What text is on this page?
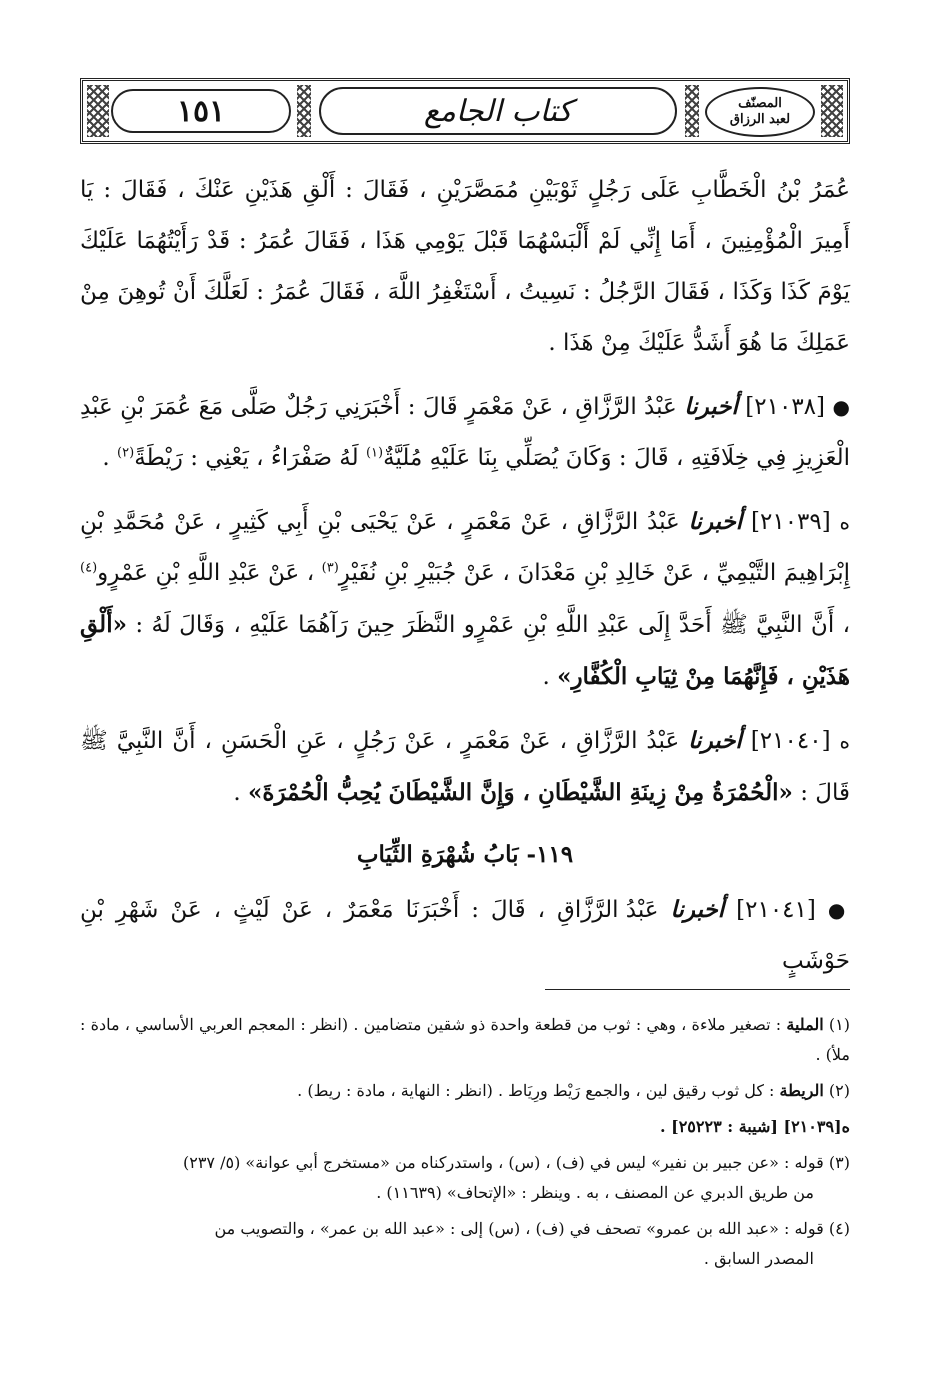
١٥١	كتاب الجامع	المصنّف
لعبد الرزاق

عُمَرُ بْنُ الْخَطَّابِ عَلَى رَجُلٍ ثَوْبَيْنِ مُمَصَّرَيْنِ ، فَقَالَ : أَلْقِ هَذَيْنِ عَنْكَ ، فَقَالَ : يَا أَمِيرَ الْمُؤْمِنِينَ ، أَمَا إِنِّي لَمْ أَلْبَسْهُمَا قَبْلَ يَوْمِي هَذَا ، فَقَالَ عُمَرُ : قَدْ رَأَيْتُهُمَا عَلَيْكَ يَوْمَ كَذَا وَكَذَا ، فَقَالَ الرَّجُلُ : نَسِيتُ ، أَسْتَغْفِرُ اللَّهَ ، فَقَالَ عُمَرُ : لَعَلَّكَ أَنْ تُوهِنَ مِنْ عَمَلِكَ مَا هُوَ أَشَدُّ عَلَيْكَ مِنْ هَذَا .

● [٢١٠٣٨] أخبرنا عَبْدُ الرَّزَّاقِ ، عَنْ مَعْمَرٍ قَالَ : أَخْبَرَنِي رَجُلٌ صَلَّى مَعَ عُمَرَ بْنِ عَبْدِ الْعَزِيزِ فِي خِلَافَتِهِ ، قَالَ : وَكَانَ يُصَلِّي بِنَا عَلَيْهِ مُلَيَّةٌ$^{(١)}$ لَهُ صَفْرَاءُ ، يَعْنِي : رَيْطَةً$^{(٢)}$ .

ه [٢١٠٣٩] أخبرنا عَبْدُ الرَّزَّاقِ ، عَنْ مَعْمَرٍ ، عَنْ يَحْيَى بْنِ أَبِي كَثِيرٍ ، عَنْ مُحَمَّدِ بْنِ إِبْرَاهِيمَ التَّيْمِيِّ ، عَنْ خَالِدِ بْنِ مَعْدَانَ ، عَنْ جُبَيْرِ بْنِ نُفَيْرٍ$^{(٣)}$ ، عَنْ عَبْدِ اللَّهِ بْنِ عَمْرٍو$^{(٤)}$ ، أَنَّ النَّبِيَّ ﷺ أَحَدَّ إِلَى عَبْدِ اللَّهِ بْنِ عَمْرٍو النَّظَرَ حِينَ رَآهُمَا عَلَيْهِ ، وَقَالَ لَهُ : «أَلْقِ هَذَيْنِ ، فَإِنَّهُمَا مِنْ ثِيَابِ الْكُفَّارِ» .

ه [٢١٠٤٠] أخبرنا عَبْدُ الرَّزَّاقِ ، عَنْ مَعْمَرٍ ، عَنْ رَجُلٍ ، عَنِ الْحَسَنِ ، أَنَّ النَّبِيَّ ﷺ قَالَ : «الْحُمْرَةُ مِنْ زِينَةِ الشَّيْطَانِ ، وَإِنَّ الشَّيْطَانَ يُحِبُّ الْحُمْرَةَ» .

١١٩- بَابُ شُهْرَةِ الثِّيَابِ

● [٢١٠٤١] أخبرنا عَبْدُ الرَّزَّاقِ ، قَالَ : أَخْبَرَنَا مَعْمَرٌ ، عَنْ لَيْثٍ ، عَنْ شَهْرِ بْنِ حَوْشَبٍ

(١) الملية : تصغير ملاءة ، وهي : ثوب من قطعة واحدة ذو شقين متضامين . (انظر : المعجم العربي الأساسي ، مادة : ملأ) .

(٢) الريطة : كل ثوب رقيق لين ، والجمع رَيْط ورِيَاط . (انظر : النهاية ، مادة : ريط) .

ه[٢١٠٣٩] [شيبة : ٢٥٢٢٣] .

(٣) قوله : «عن جبير بن نفير» ليس في (ف) ، (س) ، واستدركناه من «مستخرج أبي عوانة» (٥/ ٢٣٧)
من طريق الدبري عن المصنف ، به . وينظر : «الإتحاف» (١١٦٣٩) .

(٤) قوله : «عبد الله بن عمرو» تصحف في (ف) ، (س) إلى : «عبد الله بن عمر» ، والتصويب من
المصدر السابق .
